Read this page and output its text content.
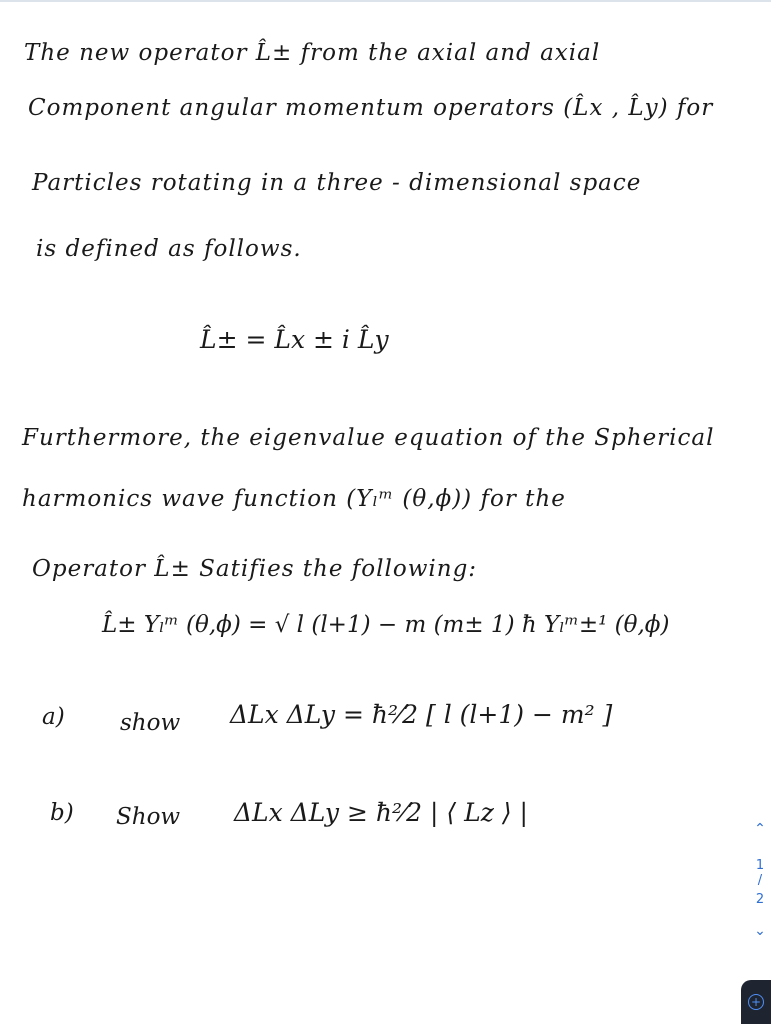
The new operator L̂± from the axial and axial
Component angular momentum operators (L̂x , L̂y) for
Particles rotating in a three - dimensional space
is defined as follows.
L̂± = L̂x ± i L̂y
Furthermore, the eigenvalue equation of the Spherical
harmonics wave function (Yₗᵐ (θ,ϕ)) for the
Operator L̂± Satifies the following:
L̂± Yₗᵐ (θ,ϕ) = √ l (l+1) − m (m± 1) ħ Yₗᵐ±¹ (θ,ϕ)
a) show ΔLx ΔLy = ħ²⁄2 [ l (l+1) − m² ]
b) Show ΔLx ΔLy ≥ ħ²⁄2 | ⟨ Lz ⟩ |
⌃
1
/
2
⌄
+
